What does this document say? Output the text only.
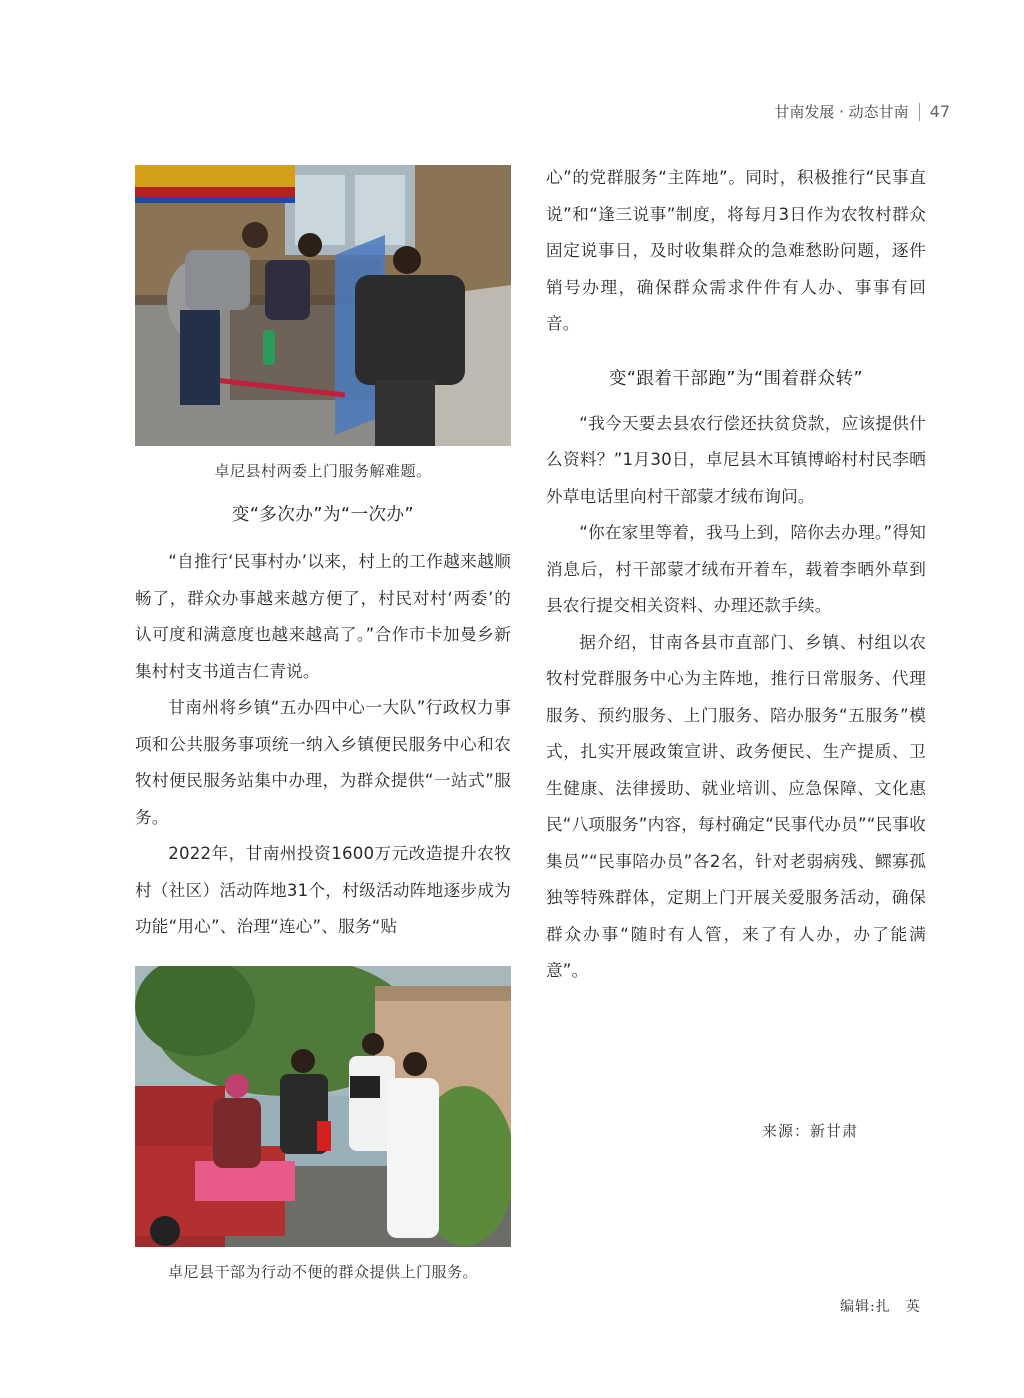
甘南发展 · 动态甘南 47
卓尼县村两委上门服务解难题。
变“多次办”为“一次办”

“自推行‘民事村办’以来，村上的工作越来越顺畅了，群众办事越来越方便了，村民对村‘两委’的认可度和满意度也越来越高了。”合作市卡加曼乡新集村村支书道吉仁青说。

甘南州将乡镇“五办四中心一大队”行政权力事项和公共服务事项统一纳入乡镇便民服务中心和农牧村便民服务站集中办理，为群众提供“一站式”服务。

2022年，甘南州投资1600万元改造提升农牧村（社区）活动阵地31个，村级活动阵地逐步成为功能“用心”、治理“连心”、服务“贴

卓尼县干部为行动不便的群众提供上门服务。

心”的党群服务“主阵地”。同时，积极推行“民事直说”和“逢三说事”制度，将每月3日作为农牧村群众固定说事日，及时收集群众的急难愁盼问题，逐件销号办理，确保群众需求件件有人办、事事有回音。

变“跟着干部跑”为“围着群众转”

“我今天要去县农行偿还扶贫贷款，应该提供什么资料？”1月30日，卓尼县木耳镇博峪村村民李晒外草电话里向村干部蒙才绒布询问。

“你在家里等着，我马上到，陪你去办理。”得知消息后，村干部蒙才绒布开着车，载着李晒外草到县农行提交相关资料、办理还款手续。

据介绍，甘南各县市直部门、乡镇、村组以农牧村党群服务中心为主阵地，推行日常服务、代理服务、预约服务、上门服务、陪办服务“五服务”模式，扎实开展政策宣讲、政务便民、生产提质、卫生健康、法律援助、就业培训、应急保障、文化惠民“八项服务”内容，每村确定“民事代办员”“民事收集员”“民事陪办员”各2名，针对老弱病残、鳏寡孤独等特殊群体，定期上门开展关爱服务活动，确保群众办事“随时有人管，来了有人办，办了能满意”。

来源：新甘肃
编辑:扎　英
